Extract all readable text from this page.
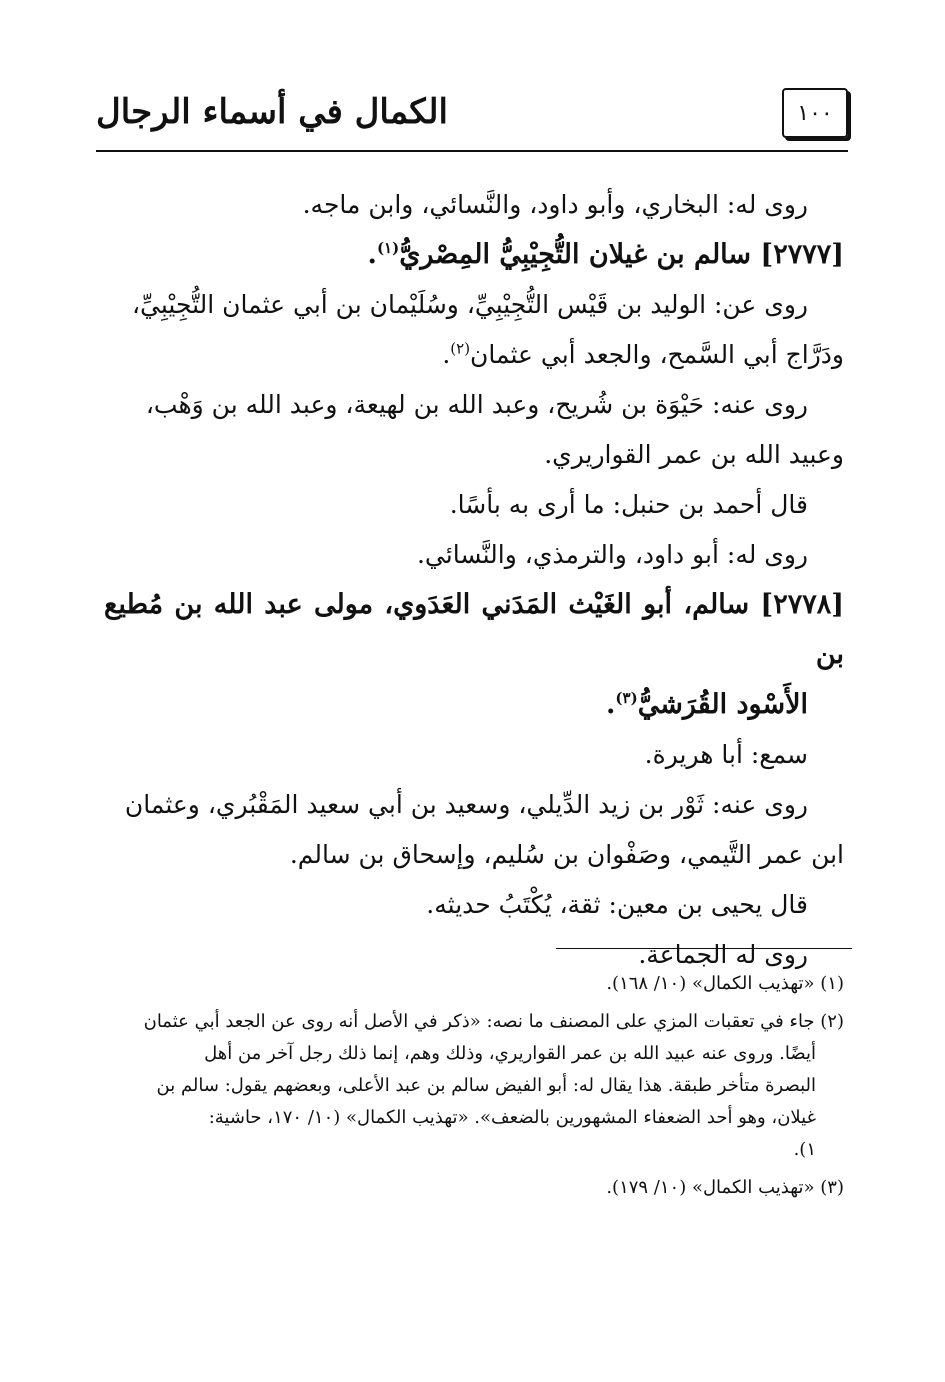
الكمال في أسماء الرجال	١٠٠

روى له: البخاري، وأبو داود، والنَّسائي، وابن ماجه.

[٢٧٧٧] سالم بن غيلان التُّجِيْبِيُّ المِصْريُّ$^{(١)}$.

روى عن: الوليد بن قَيْس التُّجِيْبِيِّ، وسُلَيْمان بن أبي عثمان التُّجِيْبِيِّ،

ودَرَّاج أبي السَّمح، والجعد أبي عثمان$^{(٢)}$.

روى عنه: حَيْوَة بن شُريح، وعبد الله بن لهيعة، وعبد الله بن وَهْب،

وعبيد الله بن عمر القواريري.

قال أحمد بن حنبل: ما أرى به بأسًا.

روى له: أبو داود، والترمذي، والنَّسائي.

[٢٧٧٨] سالم، أبو الغَيْث المَدَني العَدَوي، مولى عبد الله بن مُطيع بن

الأَسْود القُرَشيُّ$^{(٣)}$.

سمع: أبا هريرة.

روى عنه: ثَوْر بن زيد الدِّيلي، وسعيد بن أبي سعيد المَقْبُري، وعثمان

ابن عمر التَّيمي، وصَفْوان بن سُليم، وإسحاق بن سالم.

قال يحيى بن معين: ثقة، يُكْتَبُ حديثه.

روى له الجماعة.

(١) «تهذيب الكمال» (١٠/ ١٦٨).

(٢) جاء في تعقبات المزي على المصنف ما نصه: «ذكر في الأصل أنه روى عن الجعد أبي عثمان

أيضًا. وروى عنه عبيد الله بن عمر القواريري، وذلك وهم، إنما ذلك رجل آخر من أهل

البصرة متأخر طبقة. هذا يقال له: أبو الفيض سالم بن عبد الأعلى، وبعضهم يقول: سالم بن

غيلان، وهو أحد الضعفاء المشهورين بالضعف». «تهذيب الكمال» (١٠/ ١٧٠، حاشية:

١).

(٣) «تهذيب الكمال» (١٠/ ١٧٩).
